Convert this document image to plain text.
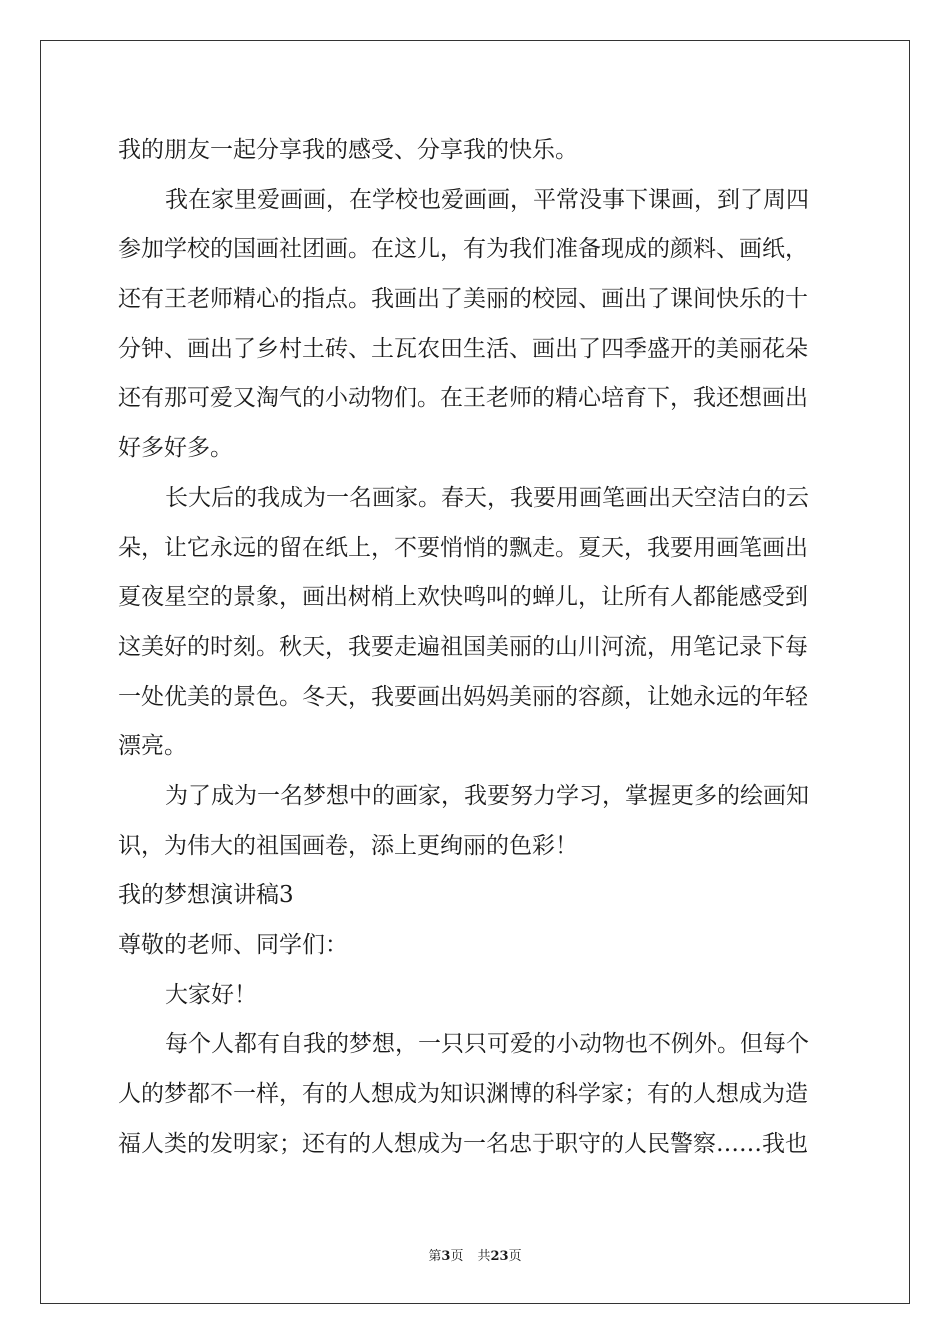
我的朋友一起分享我的感受、分享我的快乐。
我在家里爱画画，在学校也爱画画，平常没事下课画，到了周四
参加学校的国画社团画。在这儿，有为我们准备现成的颜料、画纸，
还有王老师精心的指点。我画出了美丽的校园、画出了课间快乐的十
分钟、画出了乡村土砖、土瓦农田生活、画出了四季盛开的美丽花朵
还有那可爱又淘气的小动物们。在王老师的精心培育下，我还想画出
好多好多。
长大后的我成为一名画家。春天，我要用画笔画出天空洁白的云
朵，让它永远的留在纸上，不要悄悄的飘走。夏天，我要用画笔画出
夏夜星空的景象，画出树梢上欢快鸣叫的蝉儿，让所有人都能感受到
这美好的时刻。秋天，我要走遍祖国美丽的山川河流，用笔记录下每
一处优美的景色。冬天，我要画出妈妈美丽的容颜，让她永远的年轻
漂亮。
为了成为一名梦想中的画家，我要努力学习，掌握更多的绘画知
识，为伟大的祖国画卷，添上更绚丽的色彩！
我的梦想演讲稿3
尊敬的老师、同学们：
大家好！
每个人都有自我的梦想，一只只可爱的小动物也不例外。但每个
人的梦都不一样，有的人想成为知识渊博的科学家；有的人想成为造
福人类的发明家；还有的人想成为一名忠于职守的人民警察……我也
第3页 共23页
